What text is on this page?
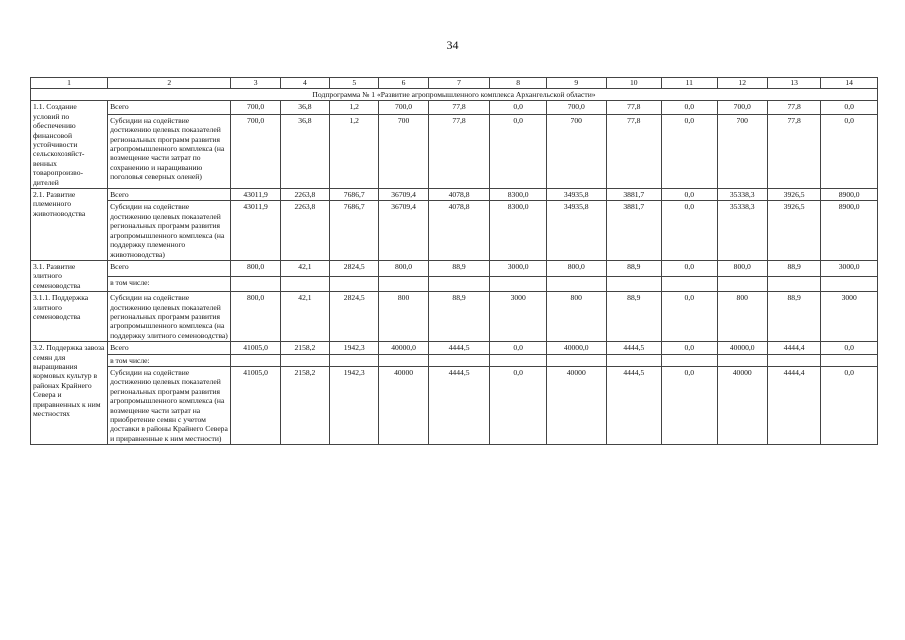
34
1	2	3	4	5	6	7	8	9	10	11	12	13	14
Подпрограмма № 1 «Развитие агропромышленного комплекса Архангельской области»													
1.1. Создание условий по обеспечению финансовой устойчивости сельскохозяйст-венных товаропроизво-дителей	Всего	700,0	36,8	1,2	700,0	77,8	0,0	700,0	77,8	0,0	700,0	77,8	0,0
	Субсидии на содействие достижению целевых показателей региональных программ развития агропромышленного комплекса (на возмещение части затрат по сохранению и наращиванию поголовья северных оленей)	700,0	36,8	1,2	700	77,8	0,0	700	77,8	0,0	700	77,8	0,0
2.1. Развитие племенного животноводства	Всего	43011,9	2263,8	7686,7	36709,4	4078,8	8300,0	34935,8	3881,7	0,0	35338,3	3926,5	8900,0
	Субсидии на содействие достижению целевых показателей региональных программ развития агропромышленного комплекса (на поддержку племенного животноводства)	43011,9	2263,8	7686,7	36709,4	4078,8	8300,0	34935,8	3881,7	0,0	35338,3	3926,5	8900,0
3.1. Развитие элитного семеноводства	Всего	800,0	42,1	2824,5	800,0	88,9	3000,0	800,0	88,9	0,0	800,0	88,9	3000,0
	в том числе:												
3.1.1. Поддержка элитного семеноводства	Субсидии на содействие достижению целевых показателей региональных программ развития агропромышленного комплекса (на поддержку элитного семеноводства)	800,0	42,1	2824,5	800	88,9	3000	800	88,9	0,0	800	88,9	3000
3.2. Поддержка завоза семян для выращивания кормовых культур в районах Крайнего Севера и приравненных к ним местностях	Всего	41005,0	2158,2	1942,3	40000,0	4444,5	0,0	40000,0	4444,5	0,0	40000,0	4444,4	0,0
	в том числе:												
	Субсидии на содействие достижению целевых показателей региональных программ развития агропромышленного комплекса (на возмещение части затрат на приобретение семян с учетом доставки в районы Крайнего Севера и приравненные к ним местности)	41005,0	2158,2	1942,3	40000	4444,5	0,0	40000	4444,5	0,0	40000	4444,4	0,0
